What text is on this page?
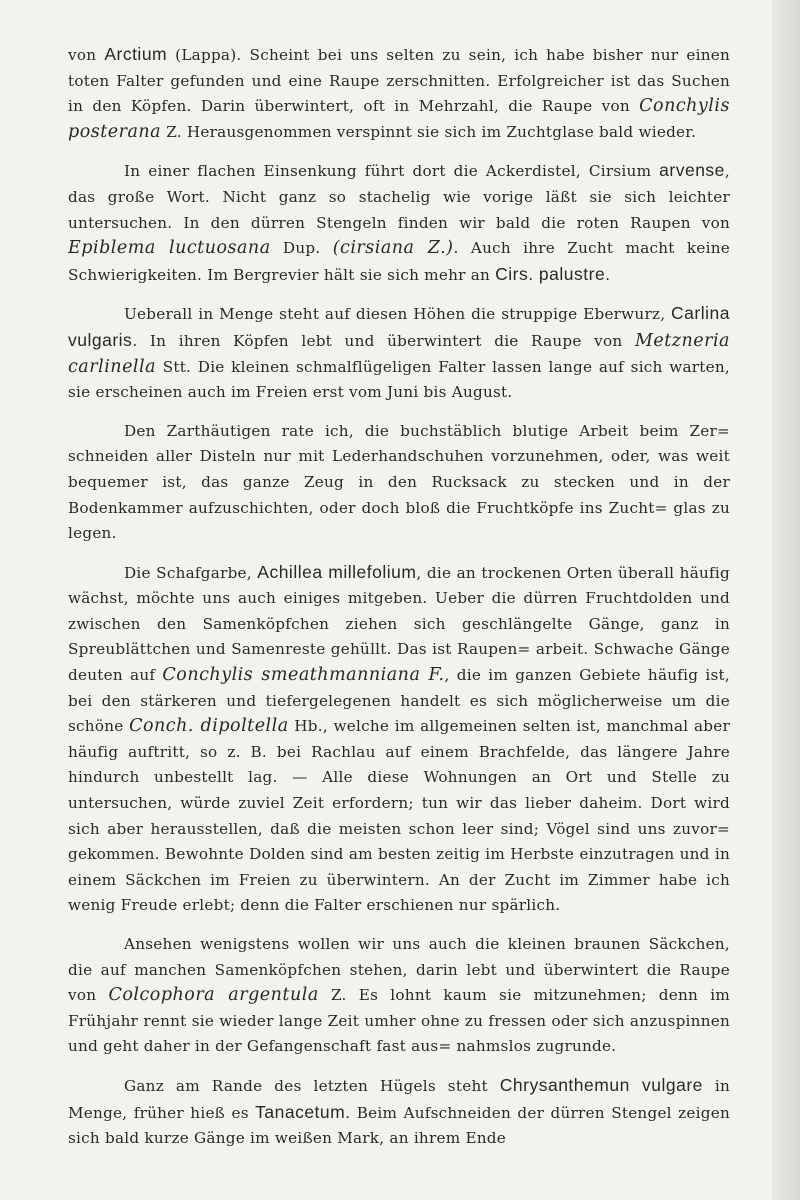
von Arctium (Lappa). Scheint bei uns selten zu sein, ich habe bisher nur einen toten Falter gefunden und eine Raupe zerschnitten. Erfolgreicher ist das Suchen in den Köpfen. Darin überwintert, oft in Mehrzahl, die Raupe von Conchylis posterana Z. Herausgenommen verspinnt sie sich im Zuchtglase bald wieder.

In einer flachen Einsenkung führt dort die Ackerdistel, Cirsium arvense, das große Wort. Nicht ganz so stachelig wie vorige läßt sie sich leichter untersuchen. In den dürren Stengeln finden wir bald die roten Raupen von Epiblema luctuosana Dup. (cirsiana Z.). Auch ihre Zucht macht keine Schwierigkeiten. Im Bergrevier hält sie sich mehr an Cirs. palustre.

Ueberall in Menge steht auf diesen Höhen die struppige Eberwurz, Carlina vulgaris. In ihren Köpfen lebt und überwintert die Raupe von Metzneria carlinella Stt. Die kleinen schmalflügeligen Falter lassen lange auf sich warten, sie erscheinen auch im Freien erst vom Juni bis August.

Den Zarthäutigen rate ich, die buchstäblich blutige Arbeit beim Zer= schneiden aller Disteln nur mit Lederhandschuhen vorzunehmen, oder, was weit bequemer ist, das ganze Zeug in den Rucksack zu stecken und in der Bodenkammer aufzuschichten, oder doch bloß die Fruchtköpfe ins Zucht= glas zu legen.

Die Schafgarbe, Achillea millefolium, die an trockenen Orten überall häufig wächst, möchte uns auch einiges mitgeben. Ueber die dürren Fruchtdolden und zwischen den Samenköpfchen ziehen sich geschlängelte Gänge, ganz in Spreublättchen und Samenreste gehüllt. Das ist Raupen= arbeit. Schwache Gänge deuten auf Conchylis smeathmanniana F., die im ganzen Gebiete häufig ist, bei den stärkeren und tiefergelegenen handelt es sich möglicherweise um die schöne Conch. dipoltella Hb., welche im allgemeinen selten ist, manchmal aber häufig auftritt, so z. B. bei Rachlau auf einem Brachfelde, das längere Jahre hindurch unbestellt lag. — Alle diese Wohnungen an Ort und Stelle zu untersuchen, würde zuviel Zeit erfordern; tun wir das lieber daheim. Dort wird sich aber herausstellen, daß die meisten schon leer sind; Vögel sind uns zuvor= gekommen. Bewohnte Dolden sind am besten zeitig im Herbste einzutragen und in einem Säckchen im Freien zu überwintern. An der Zucht im Zimmer habe ich wenig Freude erlebt; denn die Falter erschienen nur spärlich.

Ansehen wenigstens wollen wir uns auch die kleinen braunen Säckchen, die auf manchen Samenköpfchen stehen, darin lebt und überwintert die Raupe von Colcophora argentula Z. Es lohnt kaum sie mitzunehmen; denn im Frühjahr rennt sie wieder lange Zeit umher ohne zu fressen oder sich anzuspinnen und geht daher in der Gefangenschaft fast aus= nahmslos zugrunde.

Ganz am Rande des letzten Hügels steht Chrysanthemun vulgare in Menge, früher hieß es Tanacetum. Beim Aufschneiden der dürren Stengel zeigen sich bald kurze Gänge im weißen Mark, an ihrem Ende
